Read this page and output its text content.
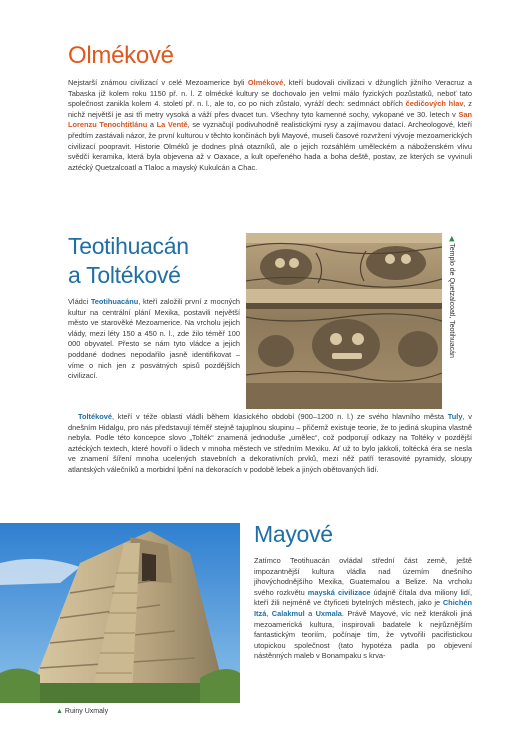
Olmékové

Nejstarší známou civilizací v celé Mezoamerice byli Olmékové, kteří budovali civilizaci v džunglích jižního Veracruz a Tabaska již kolem roku 1150 př. n. l. Z olmécké kultury se dochovalo jen velmi málo fyzických pozůstatků, neboť tato společnost zanikla kolem 4. století př. n. l., ale to, co po nich zůstalo, vyráží dech: sedmnáct obřích čedičových hlav, z nichž největší je asi tři metry vysoká a váží přes dvacet tun. Všechny tyto kamenné sochy, vykopané ve 30. letech v San Lorenzu Tenochtitlánu a La Ventě, se vyznačují podivuhodně realistickými rysy a zajímavou datací. Archeologové, kteří předtím zastávali názor, že první kulturou v těchto končinách byli Mayové, museli časové rozvržení vývoje mezoamerických civilizací poopravit. Historie Olméků je dodnes plná otazníků, ale o jejich rozsáhlém uměleckém a náboženském vlivu svědčí keramika, která byla objevena až v Oaxace, a kult opeřeného hada a boha deště, postav, ze kterých se vyvinuli aztécký Quetzalcoatl a Tlaloc a mayský Kukulcán a Chac.

Teotihuacán
a Toltékové
◀ Templo de Quetzalcoatl, Teotihuacán

Vládci Teotihuacánu, kteří založili první z mocných kultur na centrální plání Mexika, postavili největší město ve starověké Mezoamerice. Na vrcholu jejich vlády, mezi léty 150 a 450 n. l., zde žilo téměř 100 000 obyvatel. Přesto se nám tyto vládce a jejich poddané dodnes nepodařilo jasně identifikovat – víme o nich jen z posvátných spisů pozdějších civilizací.

Toltékové, kteří v téže oblasti vládli během klasického období (900–1200 n. l.) ze svého hlavního města Tuly, v dnešním Hidalgu, pro nás představují téměř stejně tajuplnou skupinu – přičemž existuje teorie, že to jediná skupina vlastně nebyla. Podle této koncepce slovo „Tolték“ znamená jednoduše „umělec“, což podporují odkazy na Toltéky v pozdější aztéckých textech, které hovoří o lidech v mnoha městech ve středním Mexiku. Ať už to bylo jakkoli, toltécká éra se nesla ve znamení šíření mnoha ucelených stavebních a dekorativních prvků, mezi něž patří terasovité pyramidy, sloupy atlantských válečníků a morbidní lpění na dekoracích v podobě lebek a jiných obětovaných lidí.

▲ Ruiny Uxmaly
Mayové

Zatímco Teotihuacán ovládal střední část země, ještě impozantnější kultura vládla nad územím dnešního jihovýchodnějšího Mexika, Guatemalou a Belize. Na vrcholu svého rozkvětu mayská civilizace údajně čítala dva miliony lidí, kteří žili nejméně ve čtyřiceti bytelných městech, jako je Chichén Itzá, Calakmul a Uxmala. Právě Mayové, víc než kterákoli jiná mezoamerická kultura, inspirovali badatele k nejrůznějším fantastickým teoriím, počínaje tím, že vytvořili pacifistickou utopickou společnost (tato hypotéza padla po objevení nástěnných maleb v Bonampaku s krva-
